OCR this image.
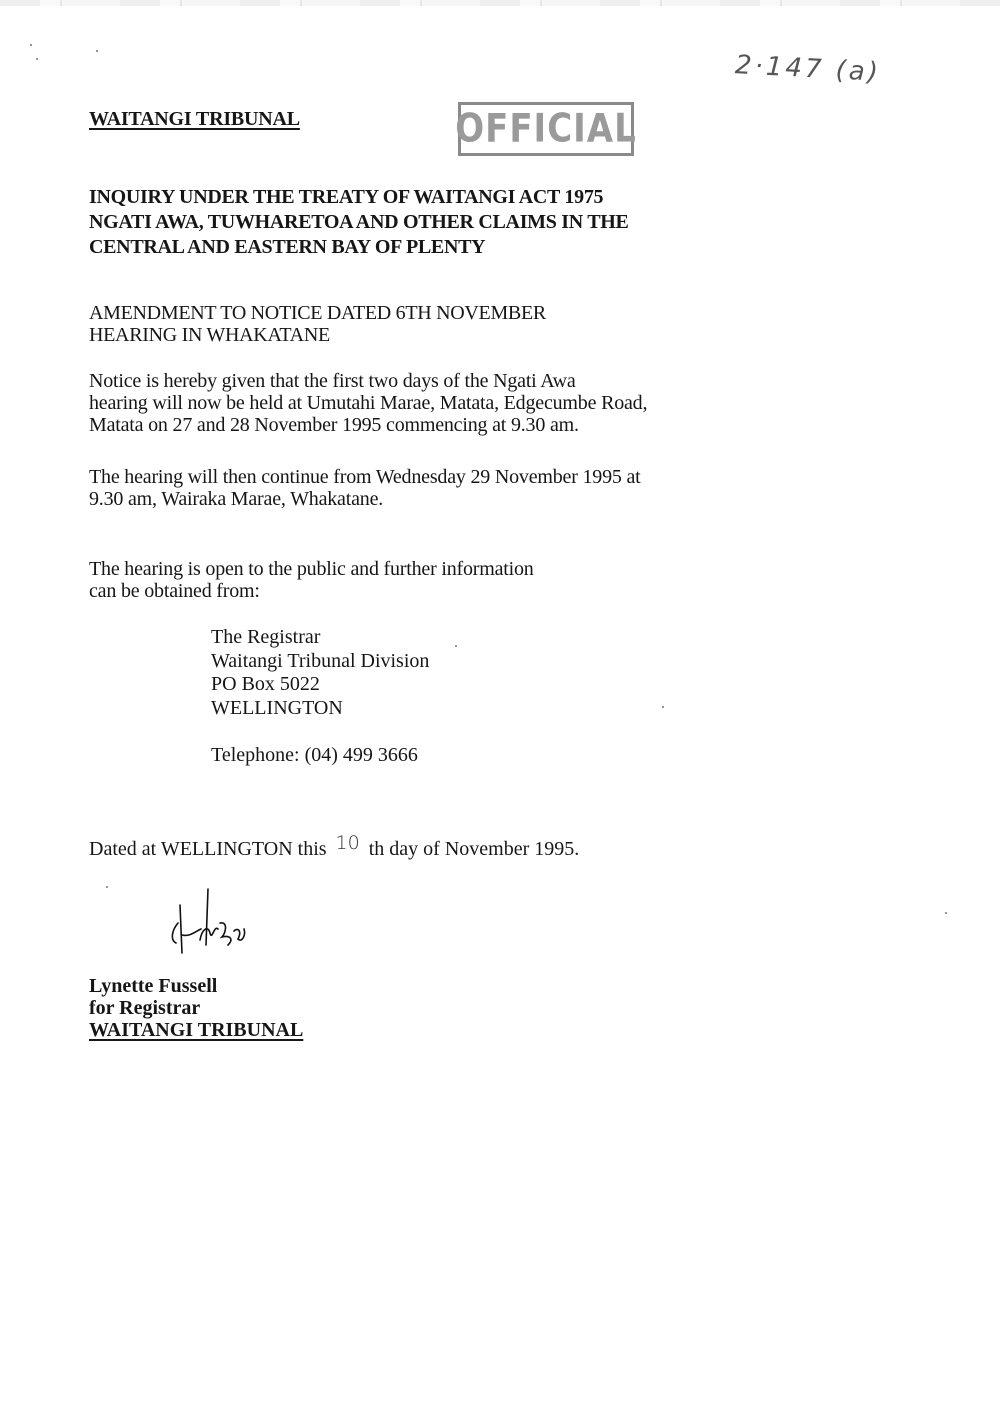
WAITANGI TRIBUNAL	OFFICIAL
2·147 (a)
INQUIRY UNDER THE TREATY OF WAITANGI ACT 1975
NGATI AWA, TUWHARETOA AND OTHER CLAIMS IN THE
CENTRAL AND EASTERN BAY OF PLENTY
AMENDMENT TO NOTICE DATED 6TH NOVEMBER
HEARING IN WHAKATANE
Notice is hereby given that the first two days of the Ngati Awa
hearing will now be held at Umutahi Marae, Matata, Edgecumbe Road,
Matata on 27 and 28 November 1995 commencing at 9.30 am.
The hearing will then continue from Wednesday 29 November 1995 at
9.30 am, Wairaka Marae, Whakatane.
The hearing is open to the public and further information
can be obtained from:
The Registrar
Waitangi Tribunal Division
PO Box 5022
WELLINGTON
Telephone: (04) 499 3666
Dated at WELLINGTON this 10 th day of November 1995.
Lynette Fussell
for Registrar
WAITANGI TRIBUNAL
